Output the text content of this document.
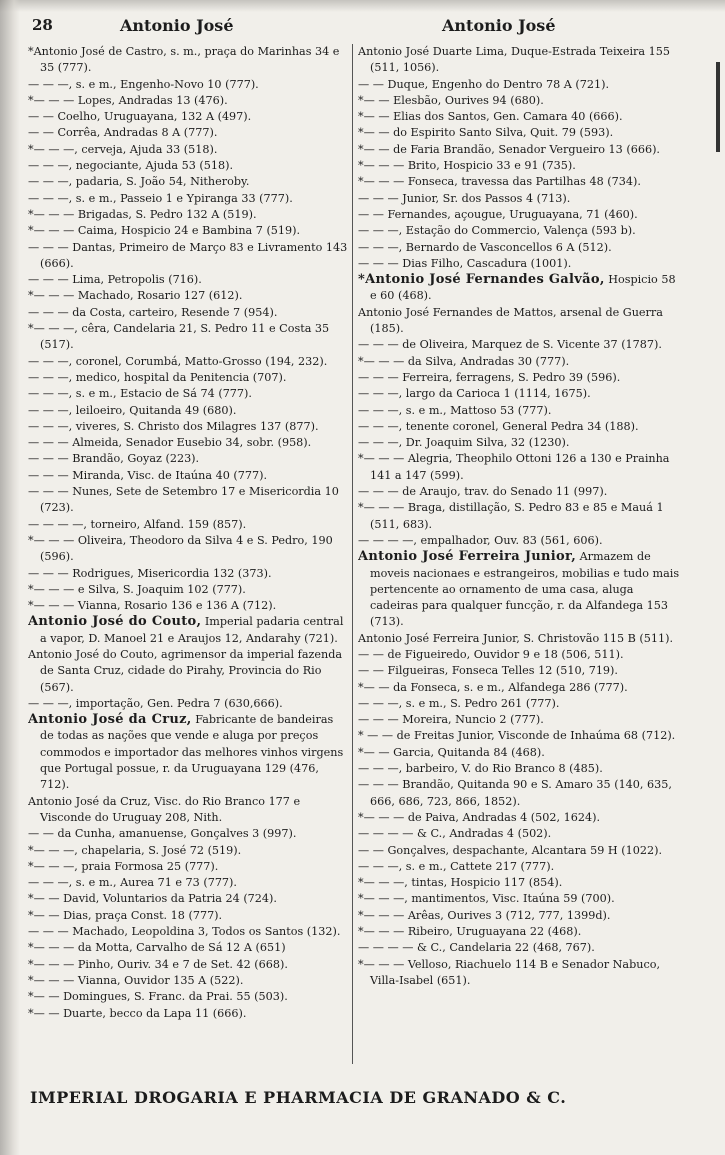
28	Antonio José	Antonio José
*Antonio José de Castro, s. m., praça do Marinhas 34 e 35 (777).
— — —, s. e m., Engenho-Novo 10 (777).
*— — — Lopes, Andradas 13 (476).
— — Coelho, Uruguayana, 132 A (497).
— — Corrêa, Andradas 8 A (777).
*— — —, cerveja, Ajuda 33 (518).
— — —, negociante, Ajuda 53 (518).
— — —, padaria, S. João 54, Nitheroby.
— — —, s. e m., Passeio 1 e Ypiranga 33 (777).
*— — — Brigadas, S. Pedro 132 A (519).
*— — — Caima, Hospicio 24 e Bambina 7 (519).
— — — Dantas, Primeiro de Março 83 e Livramento 143 (666).
— — — Lima, Petropolis (716).
*— — — Machado, Rosario 127 (612).
— — — da Costa, carteiro, Resende 7 (954).
*— — —, cêra, Candelaria 21, S. Pedro 11 e Costa 35 (517).
— — —, coronel, Corumbá, Matto-Grosso (194, 232).
— — —, medico, hospital da Penitencia (707).
— — —, s. e m., Estacio de Sá 74 (777).
— — —, leiloeiro, Quitanda 49 (680).
— — —, viveres, S. Christo dos Milagres 137 (877).
— — — Almeida, Senador Eusebio 34, sobr. (958).
— — — Brandão, Goyaz (223).
— — — Miranda, Visc. de Itaúna 40 (777).
— — — Nunes, Sete de Setembro 17 e Misericordia 10 (723).
— — — —, torneiro, Alfand. 159 (857).
*— — — Oliveira, Theodoro da Silva 4 e S. Pedro, 190 (596).
— — — Rodrigues, Misericordia 132 (373).
*— — — e Silva, S. Joaquim 102 (777).
*— — — Vianna, Rosario 136 e 136 A (712).
Antonio José do Couto, Imperial padaria central a vapor, D. Manoel 21 e Araujos 12, Andarahy (721).
Antonio José do Couto, agrimensor da imperial fazenda de Santa Cruz, cidade do Pirahy, Provincia do Rio (567).
— — —, importação, Gen. Pedra 7 (630,666).
Antonio José da Cruz, Fabricante de bandeiras de todas as nações que vende e aluga por preços commodos e importador das melhores vinhos virgens que Portugal possue, r. da Uruguayana 129 (476, 712).
Antonio José da Cruz, Visc. do Rio Branco 177 e Visconde do Uruguay 208, Nith.
— — da Cunha, amanuense, Gonçalves 3 (997).
*— — —, chapelaria, S. José 72 (519).
*— — —, praia Formosa 25 (777).
— — —, s. e m., Aurea 71 e 73 (777).
*— — David, Voluntarios da Patria 24 (724).
*— — Dias, praça Const. 18 (777).
— — — Machado, Leopoldina 3, Todos os Santos (132).
*— — — da Motta, Carvalho de Sá 12 A (651)
*— — — Pinho, Ouriv. 34 e 7 de Set. 42 (668).
*— — — Vianna, Ouvidor 135 A (522).
*— — Domingues, S. Franc. da Prai. 55 (503).
*— — Duarte, becco da Lapa 11 (666).
Antonio José Duarte Lima, Duque-Estrada Teixeira 155 (511, 1056).
— — Duque, Engenho do Dentro 78 A (721).
*— — Elesbão, Ourives 94 (680).
*— — Elias dos Santos, Gen. Camara 40 (666).
*— — do Espirito Santo Silva, Quit. 79 (593).
*— — de Faria Brandão, Senador Vergueiro 13 (666).
*— — — Brito, Hospicio 33 e 91 (735).
*— — — Fonseca, travessa das Partilhas 48 (734).
— — — Junior, Sr. dos Passos 4 (713).
— — Fernandes, açougue, Uruguayana, 71 (460).
— — —, Estação do Commercio, Valença (593 b).
— — —, Bernardo de Vasconcellos 6 A (512).
— — — Dias Filho, Cascadura (1001).
*Antonio José Fernandes Galvão, Hospicio 58 e 60 (468).
Antonio José Fernandes de Mattos, arsenal de Guerra (185).
— — — de Oliveira, Marquez de S. Vicente 37 (1787).
*— — — da Silva, Andradas 30 (777).
— — — Ferreira, ferragens, S. Pedro 39 (596).
— — —, largo da Carioca 1 (1114, 1675).
— — —, s. e m., Mattoso 53 (777).
— — —, tenente coronel, General Pedra 34 (188).
— — —, Dr. Joaquim Silva, 32 (1230).
*— — — Alegria, Theophilo Ottoni 126 a 130 e Prainha 141 a 147 (599).
— — — de Araujo, trav. do Senado 11 (997).
*— — — Braga, distillação, S. Pedro 83 e 85 e Mauá 1 (511, 683).
— — — —, empalhador, Ouv. 83 (561, 606).
Antonio José Ferreira Junior, Armazem de moveis nacionaes e estrangeiros, mobilias e tudo mais pertencente ao ornamento de uma casa, aluga cadeiras para qualquer funcção, r. da Alfandega 153 (713).
Antonio José Ferreira Junior, S. Christovão 115 B (511).
— — de Figueiredo, Ouvidor 9 e 18 (506, 511).
— — Filgueiras, Fonseca Telles 12 (510, 719).
*— — da Fonseca, s. e m., Alfandega 286 (777).
— — —, s. e m., S. Pedro 261 (777).
— — — Moreira, Nuncio 2 (777).
* — — de Freitas Junior, Visconde de Inhaúma 68 (712).
*— — Garcia, Quitanda 84 (468).
— — —, barbeiro, V. do Rio Branco 8 (485).
— — — Brandão, Quitanda 90 e S. Amaro 35 (140, 635, 666, 686, 723, 866, 1852).
*— — — de Paiva, Andradas 4 (502, 1624).
— — — — & C., Andradas 4 (502).
— — Gonçalves, despachante, Alcantara 59 H (1022).
— — —, s. e m., Cattete 217 (777).
*— — —, tintas, Hospicio 117 (854).
*— — —, mantimentos, Visc. Itaúna 59 (700).
*— — — Arêas, Ourives 3 (712, 777, 1399d).
*— — — Ribeiro, Uruguayana 22 (468).
— — — — & C., Candelaria 22 (468, 767).
*— — — Velloso, Riachuelo 114 B e Senador Nabuco, Villa-Isabel (651).
IMPERIAL DROGARIA E PHARMACIA DE GRANADO & C.
